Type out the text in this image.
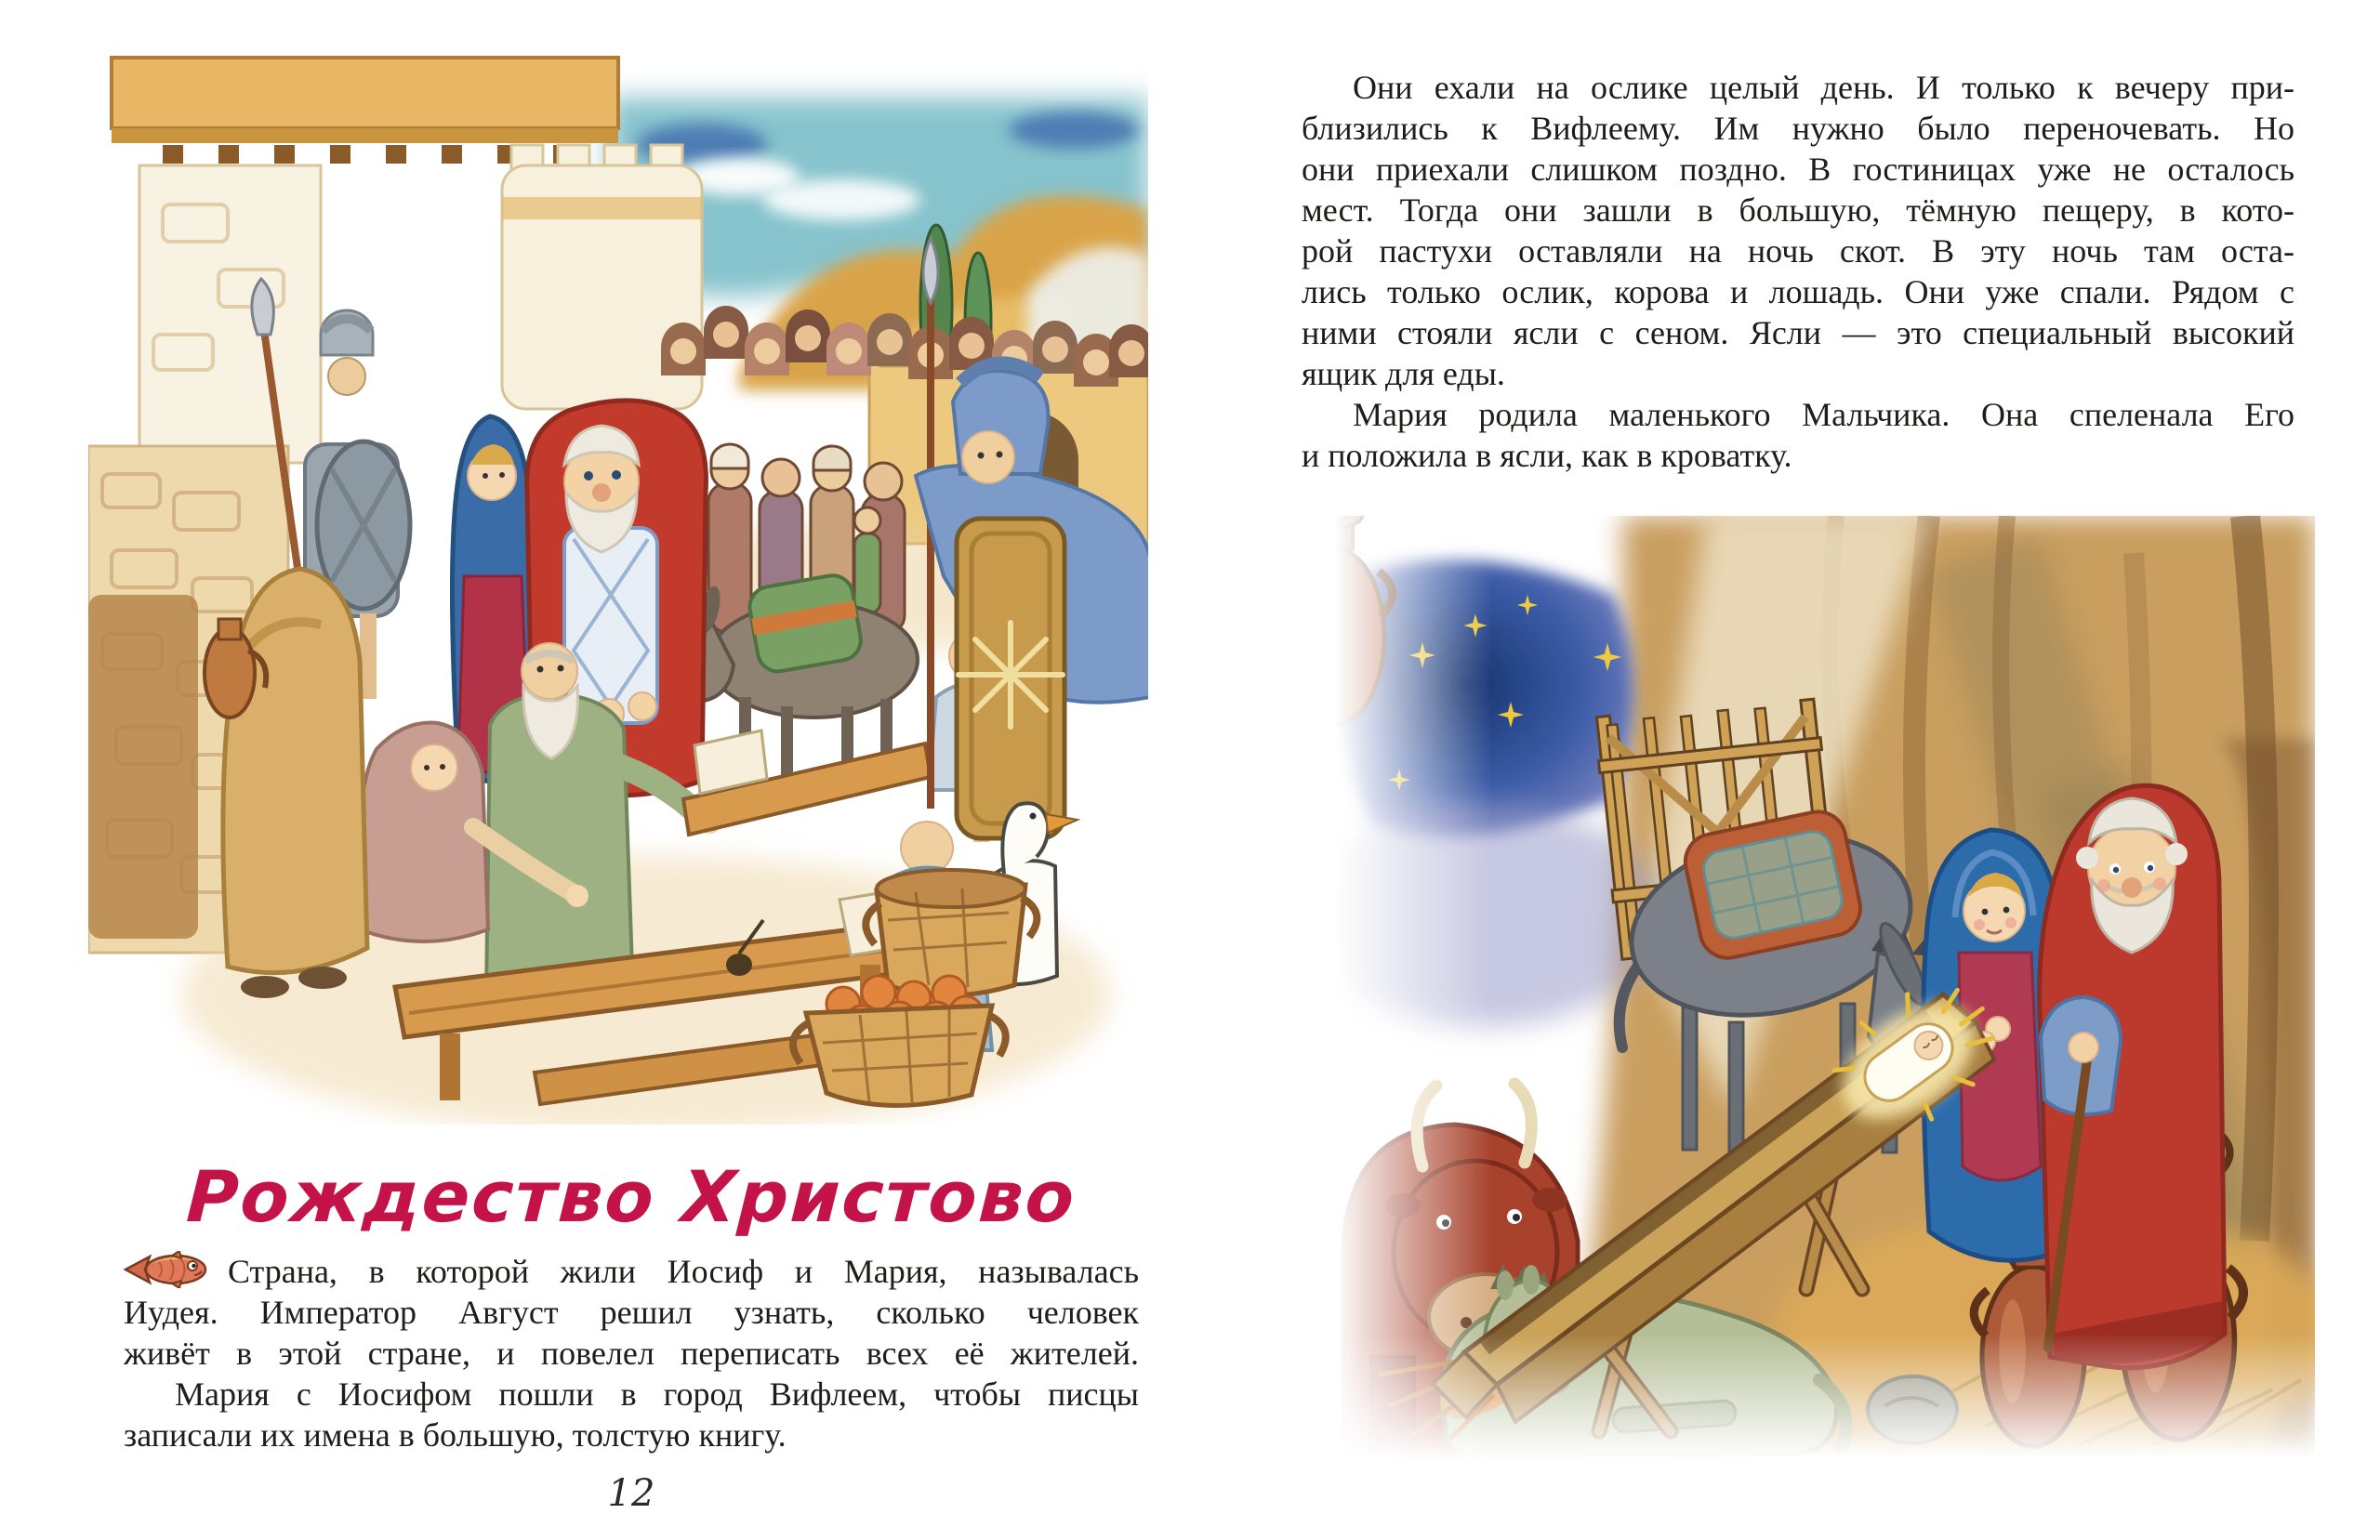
Рождество Христово
Страна, в которой жили Иосиф и Мария, называлась
Иудея. Император Август решил узнать, сколько человек
живёт в этой стране, и повелел переписать всех её жителей.
Мария с Иосифом пошли в город Вифлеем, чтобы писцы
записали их имена в большую, толстую книгу.
12
Они ехали на ослике целый день. И только к вечеру при-
близились к Вифлеему. Им нужно было переночевать. Но
они приехали слишком поздно. В гостиницах уже не осталось
мест. Тогда они зашли в большую, тёмную пещеру, в кото-
рой пастухи оставляли на ночь скот. В эту ночь там оста-
лись только ослик, корова и лошадь. Они уже спали. Рядом с
ними стояли ясли с сеном. Ясли — это специальный высокий
ящик для еды.
Мария родила маленького Мальчика. Она спеленала Его
и положила в ясли, как в кроватку.
